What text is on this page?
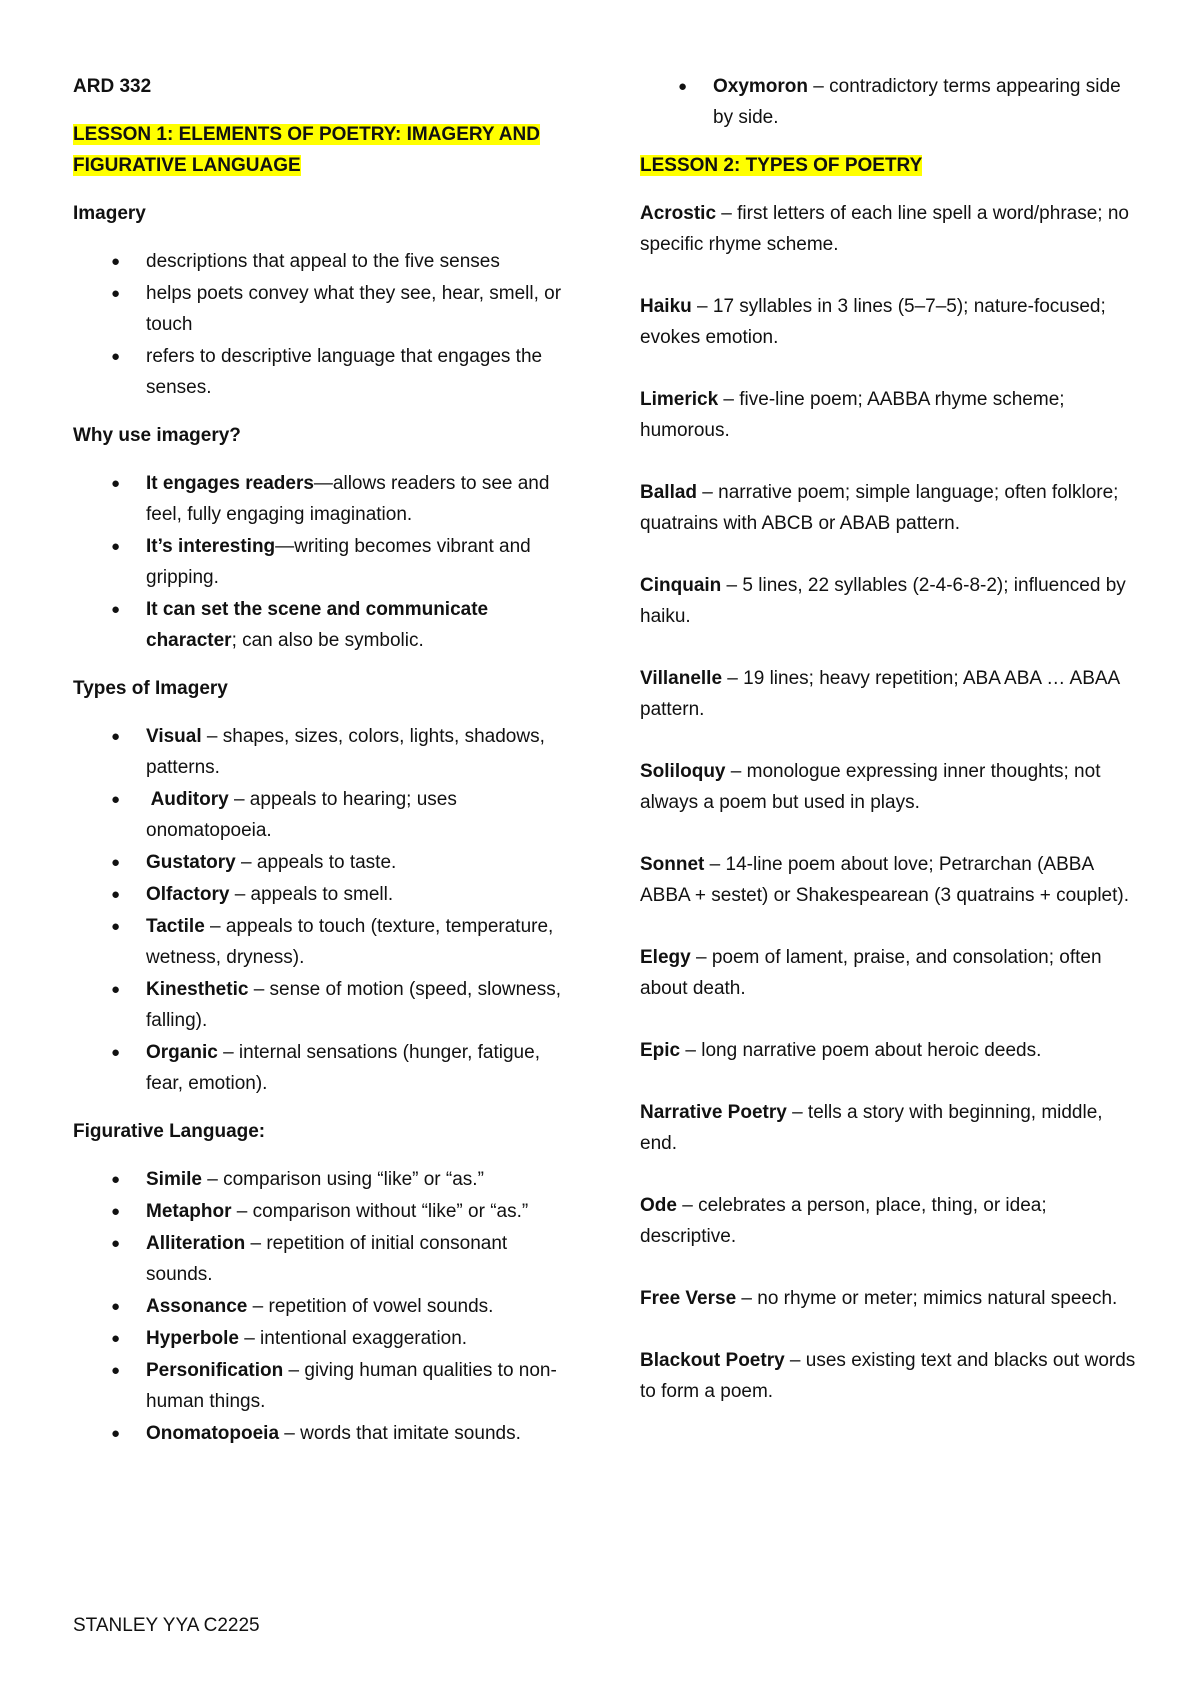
ARD 332

LESSON 1: ELEMENTS OF POETRY: IMAGERY AND FIGURATIVE LANGUAGE

Imagery

● descriptions that appeal to the five senses
● helps poets convey what they see, hear, smell, or touch
● refers to descriptive language that engages the senses.

Why use imagery?

● It engages readers—allows readers to see and feel, fully engaging imagination.
● It’s interesting—writing becomes vibrant and gripping.
● It can set the scene and communicate character; can also be symbolic.

Types of Imagery

● Visual – shapes, sizes, colors, lights, shadows, patterns.
● Auditory – appeals to hearing; uses onomatopoeia.
● Gustatory – appeals to taste.
● Olfactory – appeals to smell.
● Tactile – appeals to touch (texture, temperature, wetness, dryness).
● Kinesthetic – sense of motion (speed, slowness, falling).
● Organic – internal sensations (hunger, fatigue, fear, emotion).

Figurative Language:

● Simile – comparison using “like” or “as.”
● Metaphor – comparison without “like” or “as.”
● Alliteration – repetition of initial consonant sounds.
● Assonance – repetition of vowel sounds.
● Hyperbole – intentional exaggeration.
● Personification – giving human qualities to non-human things.
● Onomatopoeia – words that imitate sounds.
● Oxymoron – contradictory terms appearing side by side.

LESSON 2: TYPES OF POETRY

Acrostic – first letters of each line spell a word/phrase; no specific rhyme scheme.

Haiku – 17 syllables in 3 lines (5–7–5); nature-focused; evokes emotion.

Limerick – five-line poem; AABBA rhyme scheme; humorous.

Ballad – narrative poem; simple language; often folklore; quatrains with ABCB or ABAB pattern.

Cinquain – 5 lines, 22 syllables (2-4-6-8-2); influenced by haiku.

Villanelle – 19 lines; heavy repetition; ABA ABA … ABAA pattern.

Soliloquy – monologue expressing inner thoughts; not always a poem but used in plays.

Sonnet – 14-line poem about love; Petrarchan (ABBA ABBA + sestet) or Shakespearean (3 quatrains + couplet).

Elegy – poem of lament, praise, and consolation; often about death.

Epic – long narrative poem about heroic deeds.

Narrative Poetry – tells a story with beginning, middle, end.

Ode – celebrates a person, place, thing, or idea; descriptive.

Free Verse – no rhyme or meter; mimics natural speech.

Blackout Poetry – uses existing text and blacks out words to form a poem.

STANLEY YYA C2225
